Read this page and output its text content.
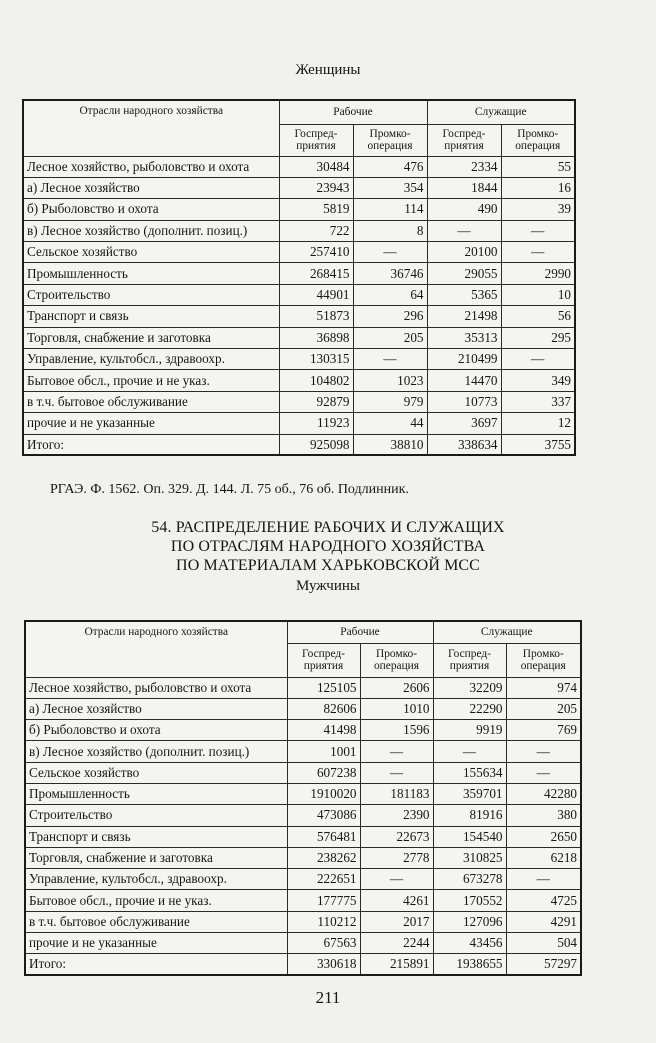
Женщины
Отрасли народного хозяйства	Рабочие		Служащие	
	Госпред-приятия	Промко-операция	Госпред-приятия	Промко-операция
Лесное хозяйство, рыболовство и охота	30484	476	2334	55
а) Лесное хозяйство	23943	354	1844	16
б) Рыболовство и охота	5819	114	490	39
в) Лесное хозяйство (дополнит. позиц.)	722	8	—	—
Сельское хозяйство	257410	—	20100	—
Промышленность	268415	36746	29055	2990
Строительство	44901	64	5365	10
Транспорт и связь	51873	296	21498	56
Торговля, снабжение и заготовка	36898	205	35313	295
Управление, культобсл., здравоохр.	130315	—	210499	—
Бытовое обсл., прочие и не указ.	104802	1023	14470	349
в т.ч. бытовое обслуживание	92879	979	10773	337
прочие и не указанные	11923	44	3697	12
Итого:	925098	38810	338634	3755
РГАЭ. Ф. 1562. Оп. 329. Д. 144. Л. 75 об., 76 об. Подлинник.
54. РАСПРЕДЕЛЕНИЕ РАБОЧИХ И СЛУЖАЩИХ
ПО ОТРАСЛЯМ НАРОДНОГО ХОЗЯЙСТВА
ПО МАТЕРИАЛАМ ХАРЬКОВСКОЙ МСС
Мужчины
Отрасли народного хозяйства	Рабочие		Служащие	
	Госпред-приятия	Промко-операция	Госпред-приятия	Промко-операция
Лесное хозяйство, рыболовство и охота	125105	2606	32209	974
а) Лесное хозяйство	82606	1010	22290	205
б) Рыболовство и охота	41498	1596	9919	769
в) Лесное хозяйство (дополнит. позиц.)	1001	—	—	—
Сельское хозяйство	607238	—	155634	—
Промышленность	1910020	181183	359701	42280
Строительство	473086	2390	81916	380
Транспорт и связь	576481	22673	154540	2650
Торговля, снабжение и заготовка	238262	2778	310825	6218
Управление, культобсл., здравоохр.	222651	—	673278	—
Бытовое обсл., прочие и не указ.	177775	4261	170552	4725
в т.ч. бытовое обслуживание	110212	2017	127096	4291
прочие и не указанные	67563	2244	43456	504
Итого:	330618	215891	1938655	57297
211
